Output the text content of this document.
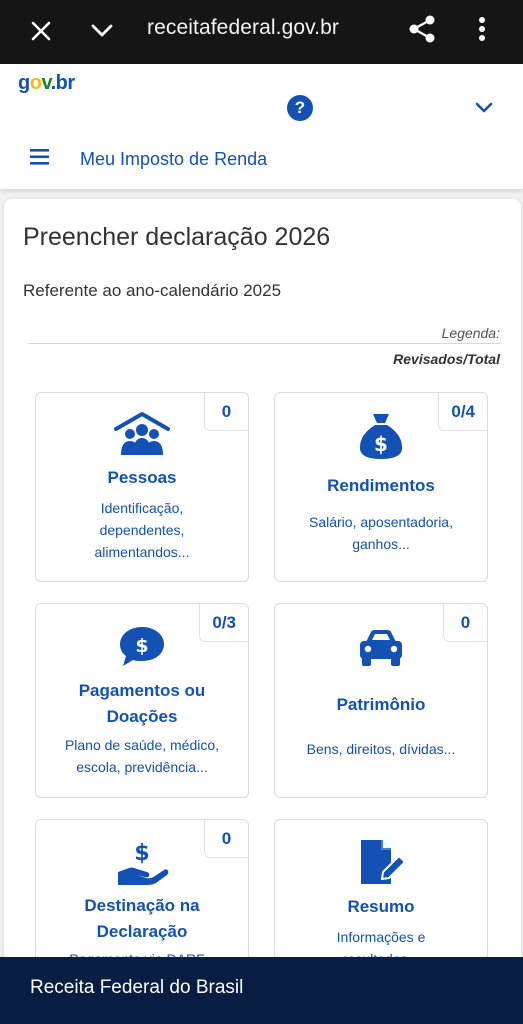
receitafederal.gov.br
gov.br
?
Meu Imposto de Renda
Preencher declaração 2026
Referente ao ano-calendário 2025
Legenda:
Revisados/Total
0
Pessoas
Identificação,
dependentes,
alimentandos...
0/4
$
Rendimentos
Salário, aposentadoria,
ganhos...
0/3
$
Pagamentos ou
Doações
Plano de saúde, médico,
escola, previdência...
0
Patrimônio
Bens, direitos, dívidas...
0
$
Destinação na
Declaração
Resumo
Informações e
Receita Federal do Brasil
